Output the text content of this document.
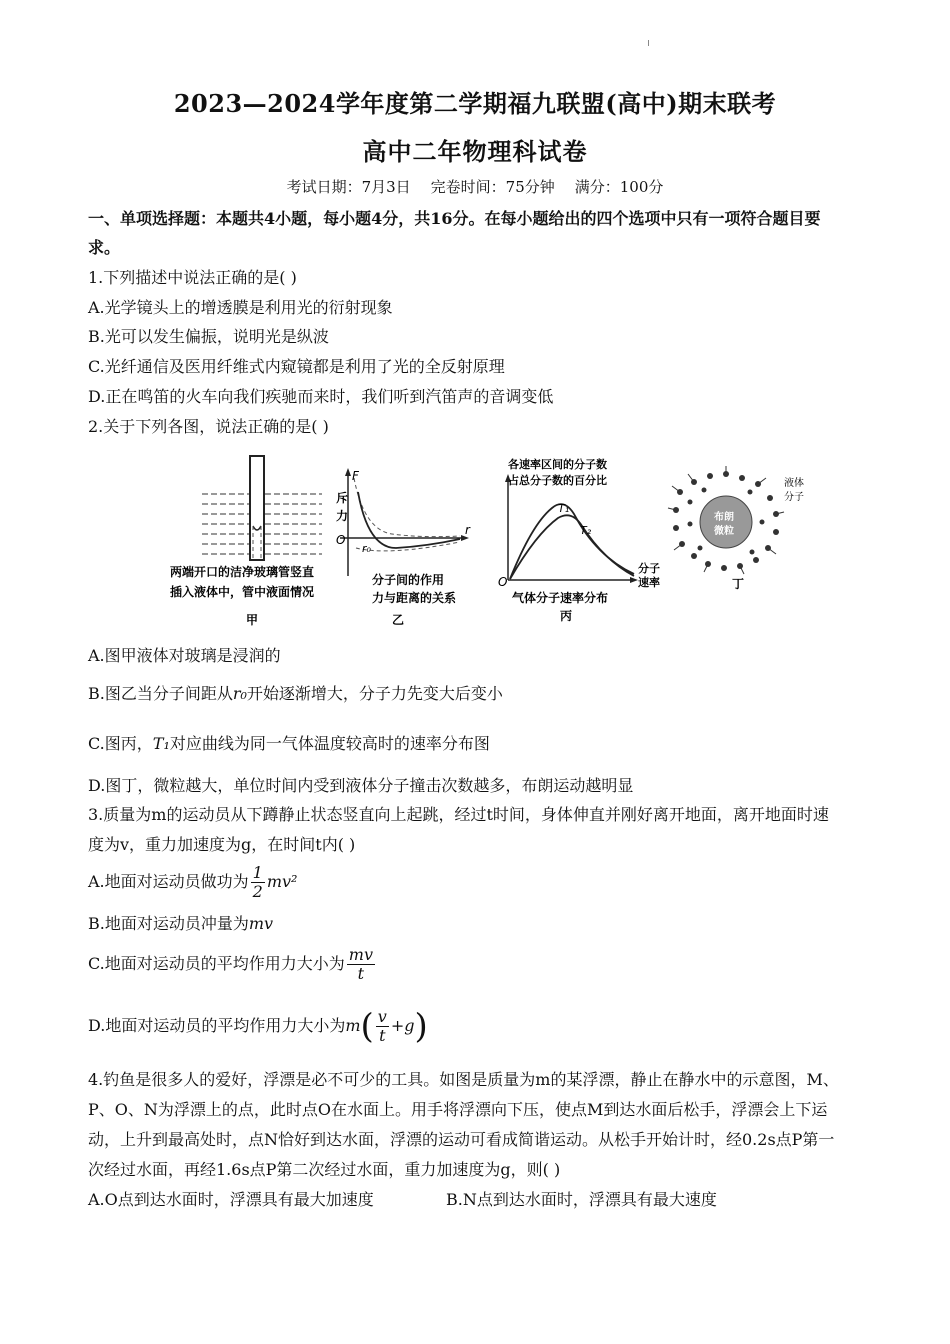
2023—2024学年度第二学期福九联盟(高中)期末联考
高中二年物理科试卷
考试日期：7月3日 完卷时间：75分钟 满分：100分
一、单项选择题：本题共4小题，每小题4分，共16分。在每小题给出的四个选项中只有一项符合题目要
求。
1.下列描述中说法正确的是( )
A.光学镜头上的增透膜是利用光的衍射现象
B.光可以发生偏振，说明光是纵波
C.光纤通信及医用纤维式内窥镜都是利用了光的全反射原理
D.正在鸣笛的火车向我们疾驰而来时，我们听到汽笛声的音调变低
2.关于下列各图，说法正确的是( )
两端开口的洁净玻璃管竖直
插入液体中，管中液面情况
甲
F
斥
力
O
r₀
r
分子间的作用
力与距离的关系
乙
各速率区间的分子数
占总分子数的百分比
T₁
T₂
O
分子
速率
气体分子速率分布
丙
布朗
微粒
液体
分子
丁
A.图甲液体对玻璃是浸润的
B.图乙当分子间距从r₀开始逐渐增大，分子力先变大后变小
C.图丙，T₁对应曲线为同一气体温度较高时的速率分布图
D.图丁，微粒越大，单位时间内受到液体分子撞击次数越多，布朗运动越明显
3.质量为m的运动员从下蹲静止状态竖直向上起跳，经过t时间，身体伸直并刚好离开地面，离开地面时速
度为v，重力加速度为g，在时间t内( )
A.地面对运动员做功为 $\frac{1}{2} mv^2$
B.地面对运动员冲量为mv
C.地面对运动员的平均作用力大小为 $\frac{mv}{t}$
D.地面对运动员的平均作用力大小为$m( \frac{v}{t} +g)$
4.钓鱼是很多人的爱好，浮漂是必不可少的工具。如图是质量为m的某浮漂，静止在静水中的示意图，M、
P、O、N为浮漂上的点，此时点O在水面上。用手将浮漂向下压，使点M到达水面后松手，浮漂会上下运
动，上升到最高处时，点N恰好到达水面，浮漂的运动可看成简谐运动。从松手开始计时，经0.2s点P第一
次经过水面，再经1.6s点P第二次经过水面，重力加速度为g，则( )
A.O点到达水面时，浮漂具有最大加速度	B.N点到达水面时，浮漂具有最大速度
